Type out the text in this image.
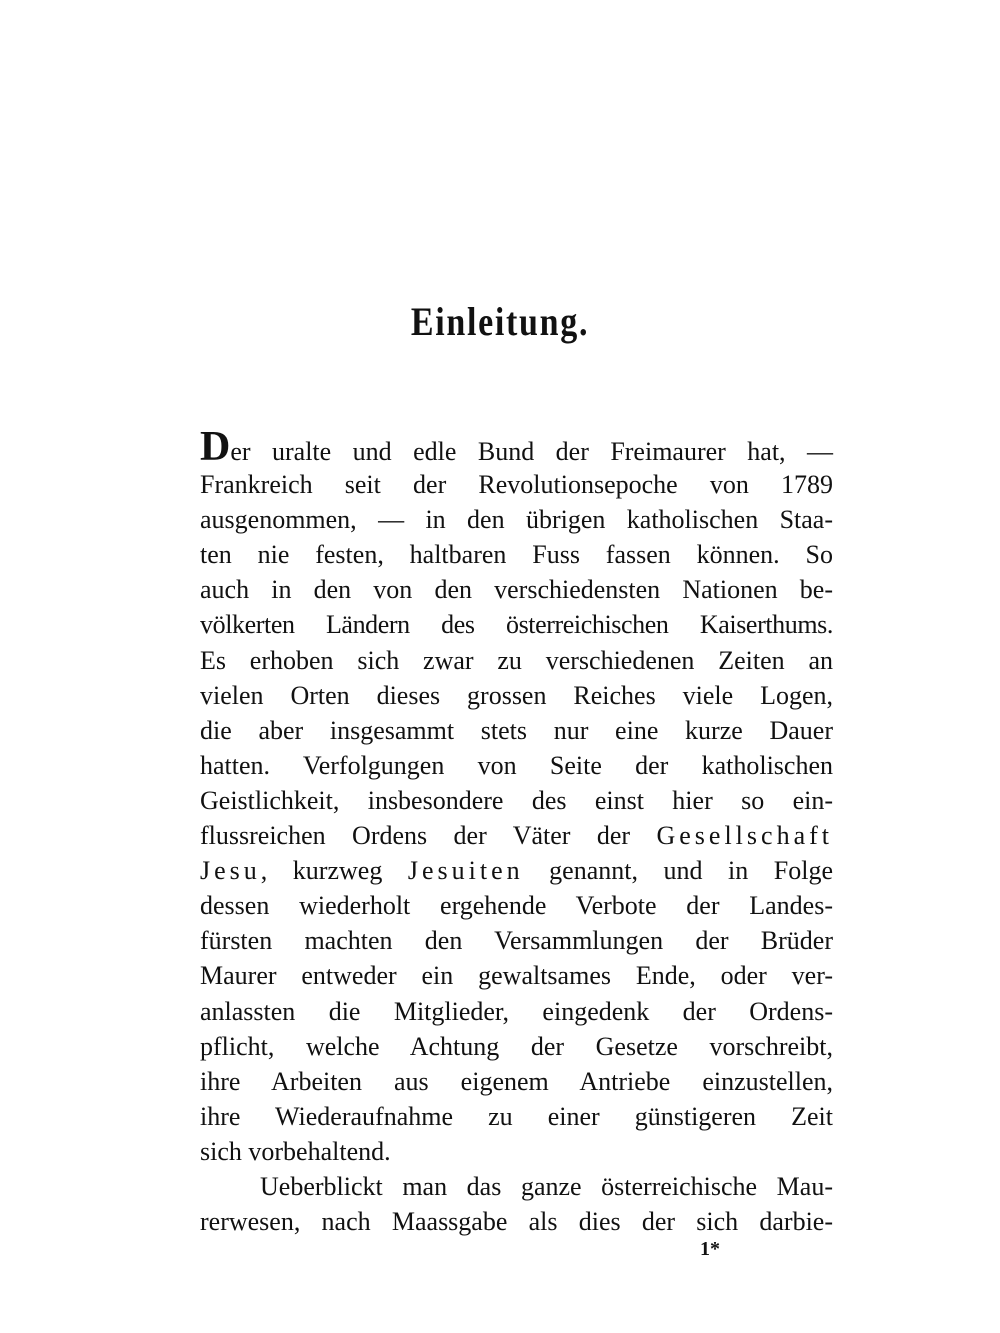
Einleitung.
Der uralte und edle Bund der Freimaurer hat, —
Frankreich seit der Revolutionsepoche von 1789
ausgenommen, — in den übrigen katholischen Staa-
ten nie festen, haltbaren Fuss fassen können. So
auch in den von den verschiedensten Nationen be-
völkerten Ländern des österreichischen Kaiserthums.
Es erhoben sich zwar zu verschiedenen Zeiten an
vielen Orten dieses grossen Reiches viele Logen,
die aber insgesammt stets nur eine kurze Dauer
hatten. Verfolgungen von Seite der katholischen
Geistlichkeit, insbesondere des einst hier so ein-
flussreichen Ordens der Väter der Gesellschaft
Jesu, kurzweg Jesuiten genannt, und in Folge
dessen wiederholt ergehende Verbote der Landes-
fürsten machten den Versammlungen der Brüder
Maurer entweder ein gewaltsames Ende, oder ver-
anlassten die Mitglieder, eingedenk der Ordens-
pflicht, welche Achtung der Gesetze vorschreibt,
ihre Arbeiten aus eigenem Antriebe einzustellen,
ihre Wiederaufnahme zu einer günstigeren Zeit
sich vorbehaltend.
Ueberblickt man das ganze österreichische Mau-
rerwesen, nach Maassgabe als dies der sich darbie-
1*
